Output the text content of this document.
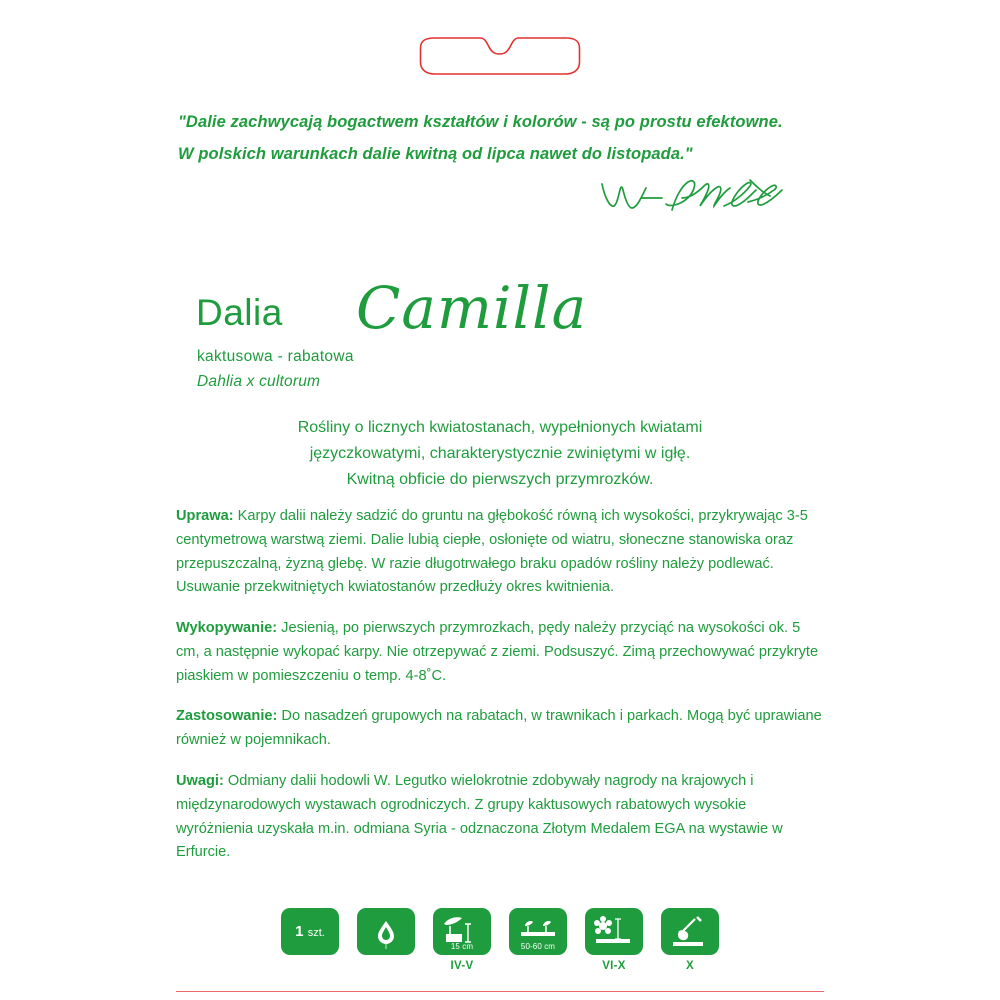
"Dalie zachwycają bogactwem kształtów i kolorów - są po prostu efektowne.
W polskich warunkach dalie kwitną od lipca nawet do listopada."
Dalia Camilla
kaktusowa - rabatowa
Dahlia x cultorum
Rośliny o licznych kwiatostanach, wypełnionych kwiatami
języczkowatymi, charakterystycznie zwiniętymi w igłę.
Kwitną obficie do pierwszych przymrozków.

Uprawa: Karpy dalii należy sadzić do gruntu na głębokość równą ich wysokości, przykrywając 3-5 centymetrową warstwą ziemi. Dalie lubią ciepłe, osłonięte od wiatru, słoneczne stanowiska oraz przepuszczalną, żyzną glebę. W razie długotrwałego braku opadów rośliny należy podlewać. Usuwanie przekwitniętych kwiatostanów przedłuży okres kwitnienia.

Wykopywanie: Jesienią, po pierwszych przymrozkach, pędy należy przyciąć na wysokości ok. 5 cm, a następnie wykopać karpy. Nie otrzepywać z ziemi. Podsuszyć. Zimą przechowywać przykryte piaskiem w pomieszczeniu o temp. 4-8˚C.

Zastosowanie: Do nasadzeń grupowych na rabatach, w trawnikach i parkach. Mogą być uprawiane również w pojemnikach.

Uwagi: Odmiany dalii hodowli W. Legutko wielokrotnie zdobywały nagrody na krajowych i międzynarodowych wystawach ogrodniczych. Z grupy kaktusowych rabatowych wysokie wyróżnienia uzyskała m.in. odmiana Syria - odznaczona Złotym Medalem EGA na wystawie w Erfurcie.

1 szt.
I	15 cm
IV-V
50-60 cm
VI-X	X
